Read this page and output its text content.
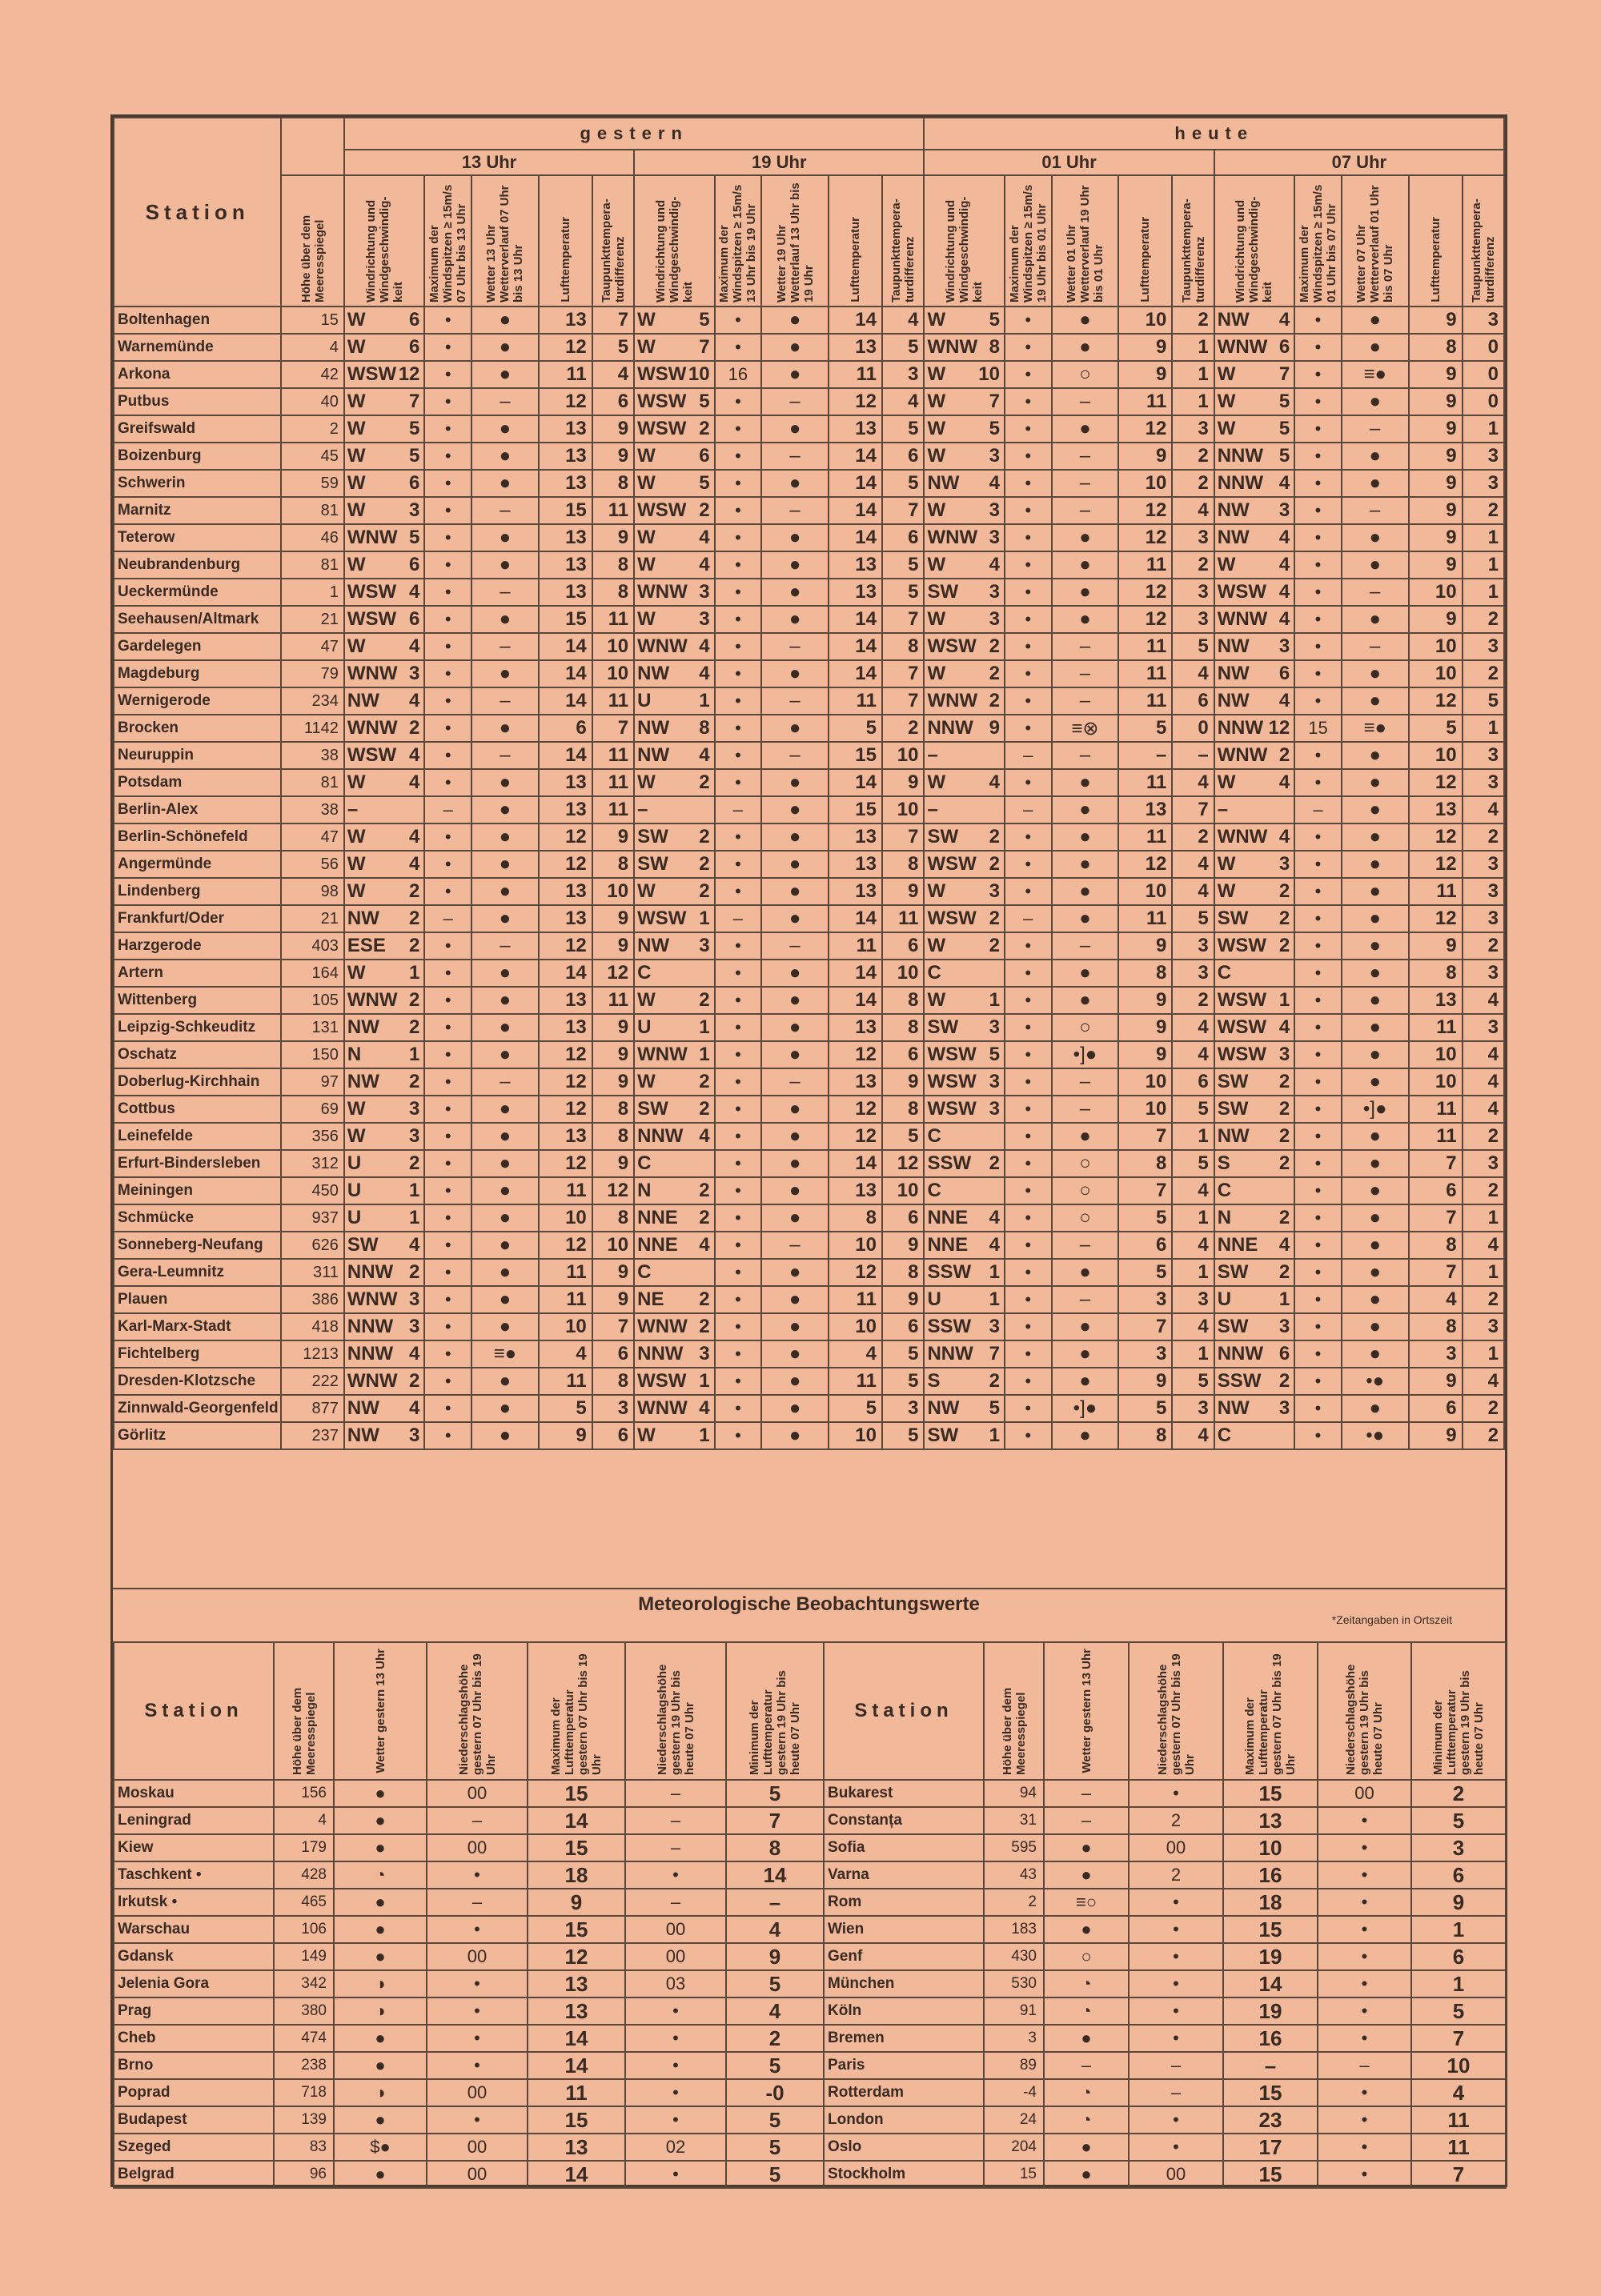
Station		gestern										heute									
		13 Uhr					19 Uhr					01 Uhr					07 Uhr				

	Höhe über dem Meeresspiegel	Windrichtung und Windgeschwindig-keit	Maximum der Windspitzen ≥ 15m/s 07 Uhr bis 13 Uhr	Wetter 13 Uhr Wetterverlauf 07 Uhr bis 13 Uhr	Lufttemperatur	Taupunkttempera-turdifferenz	Windrichtung und Windgeschwindig-keit	Maximum der Windspitzen ≥ 15m/s 13 Uhr bis 19 Uhr	Wetter 19 Uhr Wetterlauf 13 Uhr bis 19 Uhr	Lufttemperatur	Taupunkttempera-turdifferenz	Windrichtung und Windgeschwindig-keit	Maximum der Windspitzen ≥ 15m/s 19 Uhr bis 01 Uhr	Wetter 01 Uhr Wetterverlauf 19 Uhr bis 01 Uhr	Lufttemperatur	Taupunkttempera-turdifferenz	Windrichtung und Windgeschwindig-keit	Maximum der Windspitzen ≥ 15m/s 01 Uhr bis 07 Uhr	Wetter 07 Uhr Wetterverlauf 01 Uhr bis 07 Uhr	Lufttemperatur	Taupunkttempera-turdifferenz

Boltenhagen	15	W 6	•	●	13	7	W 5	•	●	14	4	W 5	•	●	10	2	NW 4	•	●	9	3
Warnemünde	4	W 6	•	●	12	5	W 7	•	●	13	5	WNW 8	•	●	9	1	WNW 6	•	●	8	0
Arkona	42	WSW 12	•	●	11	4	WSW 10	16	●	11	3	W 10	•	○	9	1	W 7	•	≡●	9	0
Putbus	40	W 7	•	–	12	6	WSW 5	•	–	12	4	W 7	•	–	11	1	W 5	•	●	9	0
Greifswald	2	W 5	•	●	13	9	WSW 2	•	●	13	5	W 5	•	●	12	3	W 5	•	–	9	1
Boizenburg	45	W 5	•	●	13	9	W 6	•	–	14	6	W 3	•	–	9	2	NNW 5	•	●	9	3
Schwerin	59	W 6	•	●	13	8	W 5	•	●	14	5	NW 4	•	–	10	2	NNW 4	•	●	9	3
Marnitz	81	W 3	•	–	15	11	WSW 2	•	–	14	7	W 3	•	–	12	4	NW 3	•	–	9	2
Teterow	46	WNW 5	•	●	13	9	W 4	•	●	14	6	WNW 3	•	●	12	3	NW 4	•	●	9	1
Neubrandenburg	81	W 6	•	●	13	8	W 4	•	●	13	5	W 4	•	●	11	2	W 4	•	●	9	1
Ueckermünde	1	WSW 4	•	–	13	8	WNW 3	•	●	13	5	SW 3	•	●	12	3	WSW 4	•	–	10	1
Seehausen/Altmark	21	WSW 6	•	●	15	11	W 3	•	●	14	7	W 3	•	●	12	3	WNW 4	•	●	9	2
Gardelegen	47	W 4	•	–	14	10	WNW 4	•	–	14	8	WSW 2	•	–	11	5	NW 3	•	–	10	3
Magdeburg	79	WNW 3	•	●	14	10	NW 4	•	●	14	7	W 2	•	–	11	4	NW 6	•	●	10	2
Wernigerode	234	NW 4	•	–	14	11	U 1	•	–	11	7	WNW 2	•	–	11	6	NW 4	•	●	12	5
Brocken	1142	WNW 2	•	●	6	7	NW 8	•	●	5	2	NNW 9	•	≡⊗	5	0	NNW 12	15	≡●	5	1
Neuruppin	38	WSW 4	•	–	14	11	NW 4	•	–	15	10	–	–	–	–	–	WNW 2	•	●	10	3
Potsdam	81	W 4	•	●	13	11	W 2	•	●	14	9	W 4	•	●	11	4	W 4	•	●	12	3
Berlin-Alex	38	–	–	●	13	11	–	–	●	15	10	–	–	●	13	7	–	–	●	13	4
Berlin-Schönefeld	47	W 4	•	●	12	9	SW 2	•	●	13	7	SW 2	•	●	11	2	WNW 4	•	●	12	2
Angermünde	56	W 4	•	●	12	8	SW 2	•	●	13	8	WSW 2	•	●	12	4	W 3	•	●	12	3
Lindenberg	98	W 2	•	●	13	10	W 2	•	●	13	9	W 3	•	●	10	4	W 2	•	●	11	3
Frankfurt/Oder	21	NW 2	–	●	13	9	WSW 1	–	●	14	11	WSW 2	–	●	11	5	SW 2	•	●	12	3
Harzgerode	403	ESE 2	•	–	12	9	NW 3	•	–	11	6	W 2	•	–	9	3	WSW 2	•	●	9	2
Artern	164	W 1	•	●	14	12	C	•	●	14	10	C	•	●	8	3	C	•	●	8	3
Wittenberg	105	WNW 2	•	●	13	11	W 2	•	●	14	8	W 1	•	●	9	2	WSW 1	•	●	13	4
Leipzig-Schkeuditz	131	NW 2	•	●	13	9	U 1	•	●	13	8	SW 3	•	○	9	4	WSW 4	•	●	11	3
Oschatz	150	N 1	•	●	12	9	WNW 1	•	●	12	6	WSW 5	•	•]●	9	4	WSW 3	•	●	10	4
Doberlug-Kirchhain	97	NW 2	•	–	12	9	W 2	•	–	13	9	WSW 3	•	–	10	6	SW 2	•	●	10	4
Cottbus	69	W 3	•	●	12	8	SW 2	•	●	12	8	WSW 3	•	–	10	5	SW 2	•	•]●	11	4
Leinefelde	356	W 3	•	●	13	8	NNW 4	•	●	12	5	C	•	●	7	1	NW 2	•	●	11	2
Erfurt-Bindersleben	312	U 2	•	●	12	9	C	•	●	14	12	SSW 2	•	○	8	5	S 2	•	●	7	3
Meiningen	450	U 1	•	●	11	12	N 2	•	●	13	10	C	•	○	7	4	C	•	●	6	2
Schmücke	937	U 1	•	●	10	8	NNE 2	•	●	8	6	NNE 4	•	○	5	1	N 2	•	●	7	1
Sonneberg-Neufang	626	SW 4	•	●	12	10	NNE 4	•	–	10	9	NNE 4	•	–	6	4	NNE 4	•	●	8	4
Gera-Leumnitz	311	NNW 2	•	●	11	9	C	•	●	12	8	SSW 1	•	●	5	1	SW 2	•	●	7	1
Plauen	386	WNW 3	•	●	11	9	NE 2	•	●	11	9	U 1	•	–	3	3	U 1	•	●	4	2
Karl-Marx-Stadt	418	NNW 3	•	●	10	7	WNW 2	•	●	10	6	SSW 3	•	●	7	4	SW 3	•	●	8	3
Fichtelberg	1213	NNW 4	•	≡●	4	6	NNW 3	•	●	4	5	NNW 7	•	●	3	1	NNW 6	•	●	3	1
Dresden-Klotzsche	222	WNW 2	•	●	11	8	WSW 1	•	●	11	5	S 2	•	●	9	5	SSW 2	•	•●	9	4
Zinnwald-Georgenfeld	877	NW 4	•	●	5	3	WNW 4	•	●	5	3	NW 5	•	•]●	5	3	NW 3	•	●	6	2
Görlitz	237	NW 3	•	●	9	6	W 1	•	●	10	5	SW 1	•	●	8	4	C	•	•●	9	2
Meteorologische Beobachtungswerte
*Zeitangaben in Ortszeit
Station	Höhe über dem Meeresspiegel	Wetter gestern 13 Uhr	Niederschlagshöhe gestern 07 Uhr bis 19 Uhr	Maximum der Lufttemperatur gestern 07 Uhr bis 19 Uhr	Niederschlagshöhe gestern 19 Uhr bis heute 07 Uhr	Minimum der Lufttemperatur gestern 19 Uhr bis heute 07 Uhr

Moskau	156	●	00	15	–	5
Leningrad	4	●	–	14	–	7
Kiew	179	●	00	15	–	8
Taschkent •	428	◔	•	18	•	14
Irkutsk •	465	●	–	9	–	–
Warschau	106	●	•	15	00	4
Gdansk	149	●	00	12	00	9
Jelenia Gora	342	◑	•	13	03	5
Prag	380	◑	•	13	•	4
Cheb	474	●	•	14	•	2
Brno	238	●	•	14	•	5
Poprad	718	◑	00	11	•	-0
Budapest	139	●	•	15	•	5
Szeged	83	$●	00	13	02	5
Belgrad	96	●	00	14	•	5
Station	Höhe über dem Meeresspiegel	Wetter gestern 13 Uhr	Niederschlagshöhe gestern 07 Uhr bis 19 Uhr	Maximum der Lufttemperatur gestern 07 Uhr bis 19 Uhr	Niederschlagshöhe gestern 19 Uhr bis heute 07 Uhr	Minimum der Lufttemperatur gestern 19 Uhr bis heute 07 Uhr

Bukarest	94	–	•	15	00	2
Constanța	31	–	2	13	•	5
Sofia	595	●	00	10	•	3
Varna	43	●	2	16	•	6
Rom	2	≡○	•	18	•	9
Wien	183	●	•	15	•	1
Genf	430	○	•	19	•	6
München	530	◔	•	14	•	1
Köln	91	◔	•	19	•	5
Bremen	3	●	•	16	•	7
Paris	89	–	–	–	–	10
Rotterdam	-4	◔	–	15	•	4
London	24	◔	•	23	•	11
Oslo	204	●	•	17	•	11
Stockholm	15	●	00	15	•	7
